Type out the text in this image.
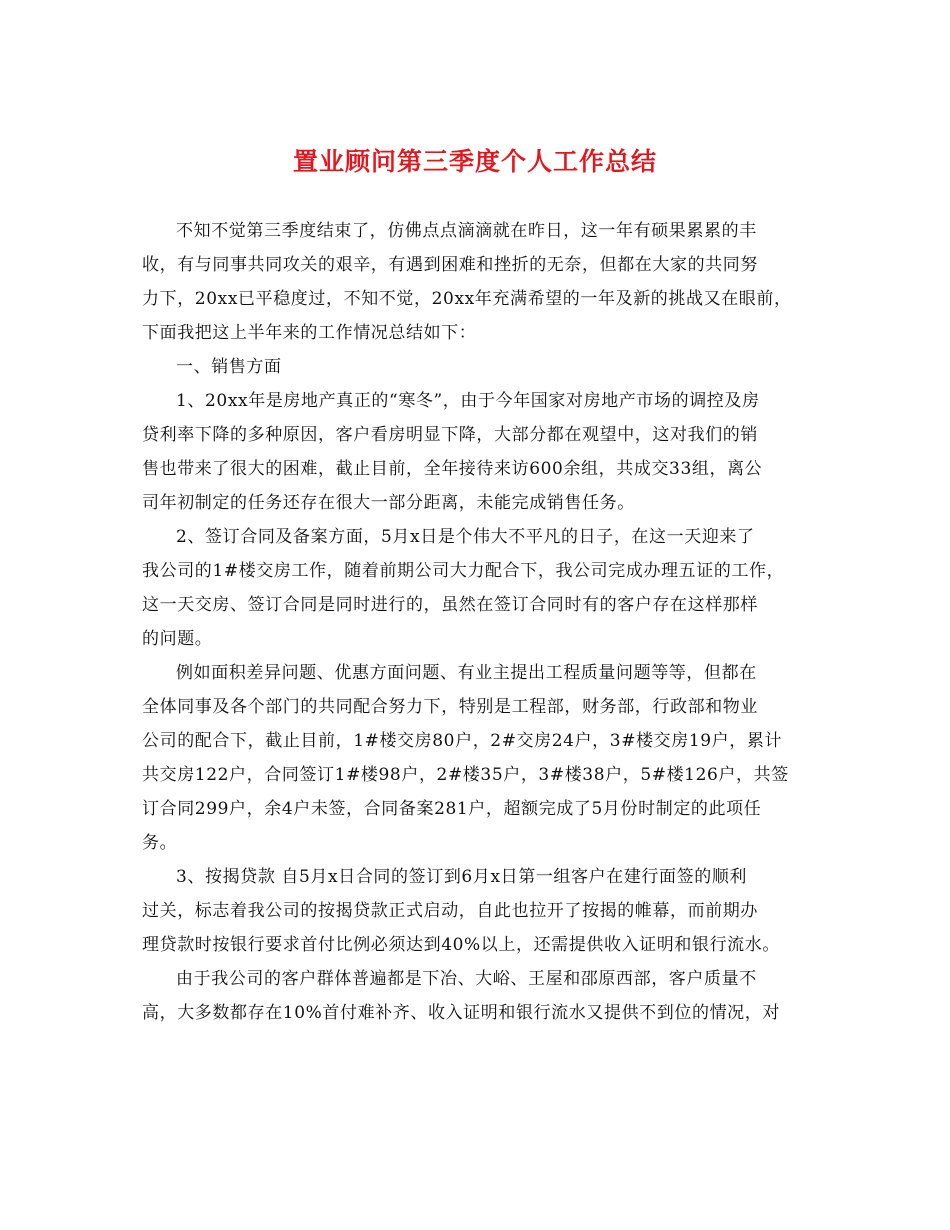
置业顾问第三季度个人工作总结

不知不觉第三季度结束了，仿佛点点滴滴就在昨日，这一年有硕果累累的丰
收，有与同事共同攻关的艰辛，有遇到困难和挫折的无奈，但都在大家的共同努
力下，20xx已平稳度过，不知不觉，20xx年充满希望的一年及新的挑战又在眼前，
下面我把这上半年来的工作情况总结如下：

一、销售方面

1、20xx年是房地产真正的“寒冬”，由于今年国家对房地产市场的调控及房
贷利率下降的多种原因，客户看房明显下降，大部分都在观望中，这对我们的销
售也带来了很大的困难，截止目前，全年接待来访600余组，共成交33组，离公
司年初制定的任务还存在很大一部分距离，未能完成销售任务。

2、签订合同及备案方面，5月x日是个伟大不平凡的日子，在这一天迎来了
我公司的1#楼交房工作，随着前期公司大力配合下，我公司完成办理五证的工作，
这一天交房、签订合同是同时进行的，虽然在签订合同时有的客户存在这样那样
的问题。

例如面积差异问题、优惠方面问题、有业主提出工程质量问题等等，但都在
全体同事及各个部门的共同配合努力下，特别是工程部，财务部，行政部和物业
公司的配合下，截止目前，1#楼交房80户，2#交房24户，3#楼交房19户，累计
共交房122户，合同签订1#楼98户，2#楼35户，3#楼38户，5#楼126户，共签
订合同299户，余4户未签，合同备案281户，超额完成了5月份时制定的此项任
务。

3、按揭贷款 自5月x日合同的签订到6月x日第一组客户在建行面签的顺利
过关，标志着我公司的按揭贷款正式启动，自此也拉开了按揭的帷幕，而前期办
理贷款时按银行要求首付比例必须达到40%以上，还需提供收入证明和银行流水。

由于我公司的客户群体普遍都是下冶、大峪、王屋和邵原西部，客户质量不
高，大多数都存在10%首付难补齐、收入证明和银行流水又提供不到位的情况，对
